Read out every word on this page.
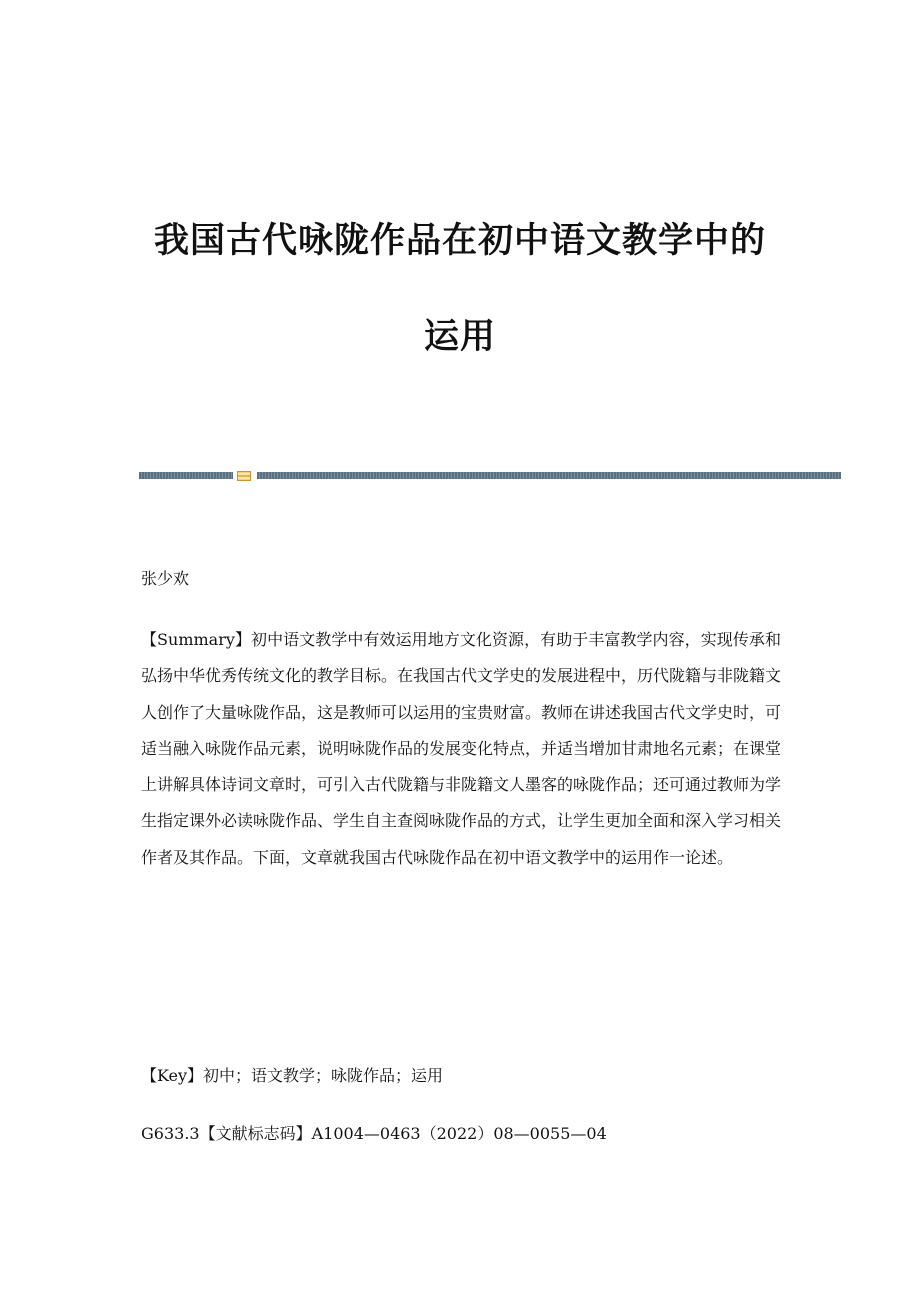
我国古代咏陇作品在初中语文教学中的
运用

张少欢

【Summary】初中语文教学中有效运用地方文化资源，有助于丰富教学内容，实现传承和弘扬中华优秀传统文化的教学目标。在我国古代文学史的发展进程中，历代陇籍与非陇籍文人创作了大量咏陇作品，这是教师可以运用的宝贵财富。教师在讲述我国古代文学史时，可适当融入咏陇作品元素，说明咏陇作品的发展变化特点，并适当增加甘肃地名元素；在课堂上讲解具体诗词文章时，可引入古代陇籍与非陇籍文人墨客的咏陇作品；还可通过教师为学生指定课外必读咏陇作品、学生自主查阅咏陇作品的方式，让学生更加全面和深入学习相关作者及其作品。下面，文章就我国古代咏陇作品在初中语文教学中的运用作一论述。

【Key】初中；语文教学；咏陇作品；运用

G633.3【文献标志码】A1004—0463（2022）08—0055—04
